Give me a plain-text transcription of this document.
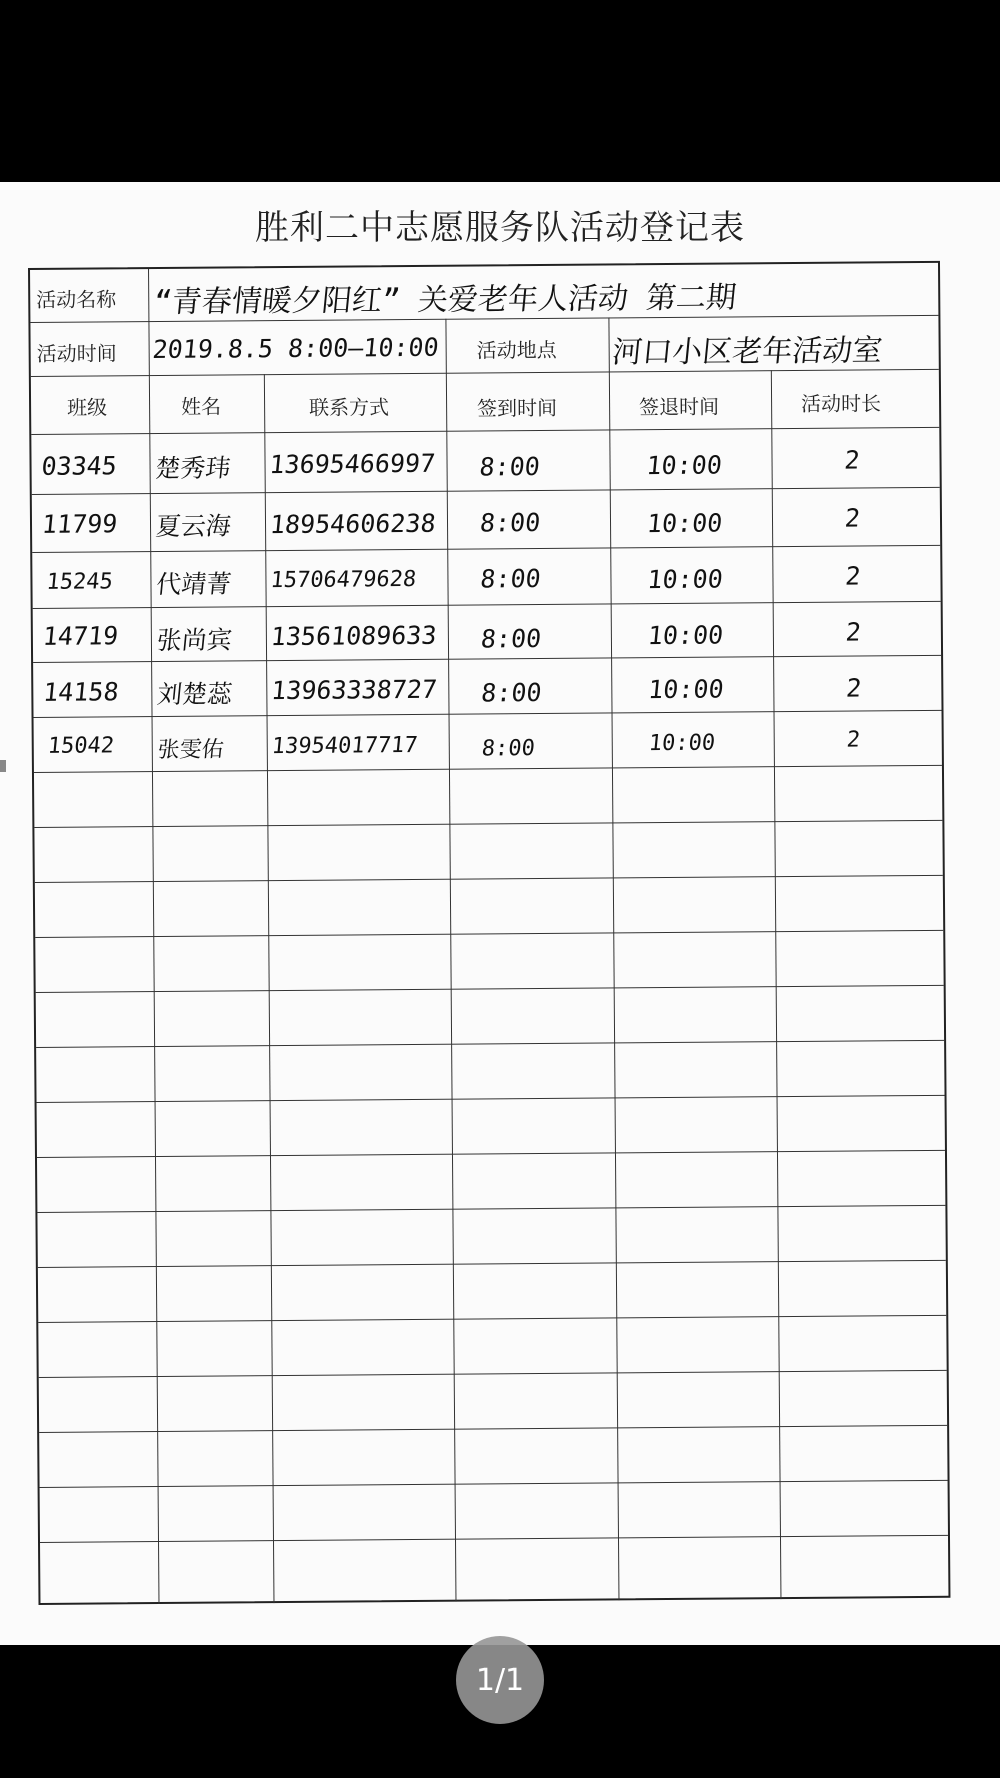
胜利二中志愿服务队活动登记表
活动名称 “青春情暖夕阳红” 关爱老年人活动 第二期
活动时间 2019.8.5 8:00—10:00 活动地点 河口小区老年活动室
班级	姓名	联系方式	签到时间	签退时间	活动时长
03345 楚秀玮 13695466997 8:00	10:00	2
11799 夏云海 18954606238 8:00	10:00	2
15245 代靖菁 15706479628 8:00	10:00	2
14719 张尚宾 13561089633 8:00	10:00	2
14158 刘楚蕊 13963338727 8:00	10:00	2
15042 张雯佑 13954017717	8:00	10:00	2
1/1
